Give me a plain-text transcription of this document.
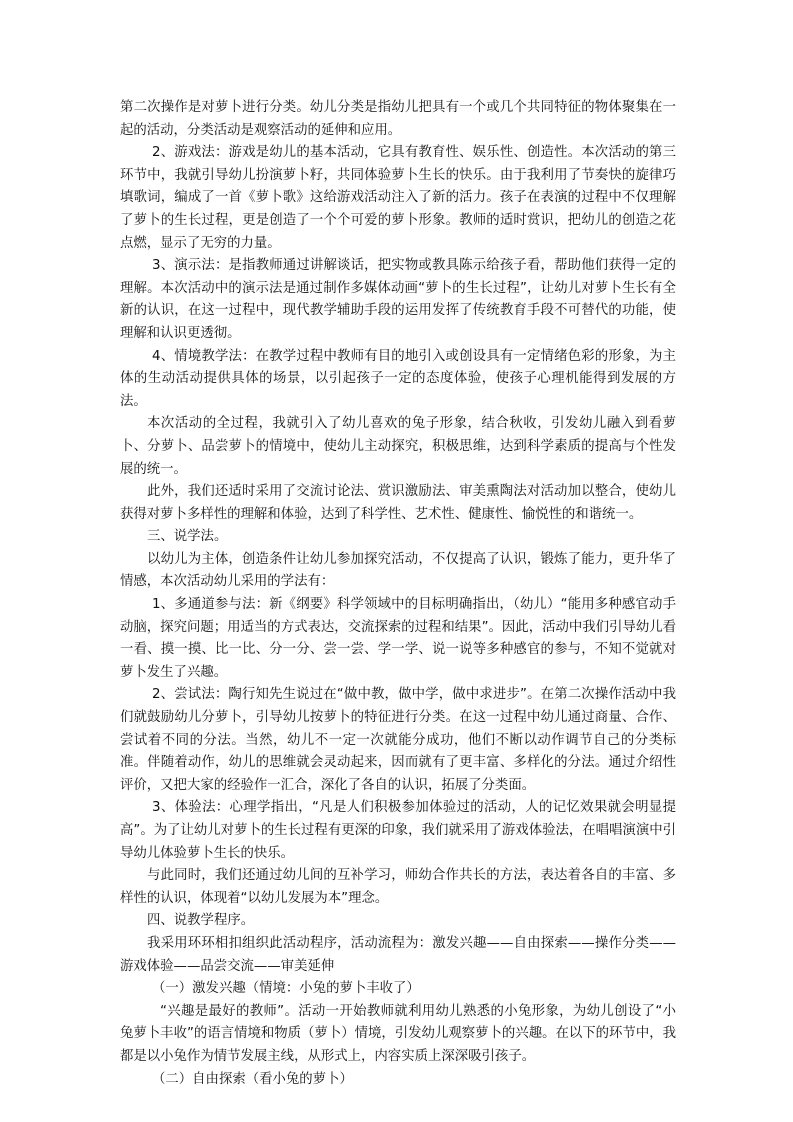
第二次操作是对萝卜进行分类。幼儿分类是指幼儿把具有一个或几个共同特征的物体聚集在一起的活动，分类活动是观察活动的延伸和应用。

2、游戏法：游戏是幼儿的基本活动，它具有教育性、娱乐性、创造性。本次活动的第三环节中，我就引导幼儿扮演萝卜籽，共同体验萝卜生长的快乐。由于我利用了节奏快的旋律巧填歌词，编成了一首《萝卜歌》这给游戏活动注入了新的活力。孩子在表演的过程中不仅理解了萝卜的生长过程，更是创造了一个个可爱的萝卜形象。教师的适时赏识，把幼儿的创造之花点燃，显示了无穷的力量。

3、演示法：是指教师通过讲解谈话，把实物或教具陈示给孩子看，帮助他们获得一定的理解。本次活动中的演示法是通过制作多媒体动画“萝卜的生长过程”，让幼儿对萝卜生长有全新的认识，在这一过程中，现代教学辅助手段的运用发挥了传统教育手段不可替代的功能，使理解和认识更透彻。

4、情境教学法：在教学过程中教师有目的地引入或创设具有一定情绪色彩的形象，为主体的生动活动提供具体的场景，以引起孩子一定的态度体验，使孩子心理机能得到发展的方法。

本次活动的全过程，我就引入了幼儿喜欢的兔子形象，结合秋收，引发幼儿融入到看萝卜、分萝卜、品尝萝卜的情境中，使幼儿主动探究，积极思维，达到科学素质的提高与个性发展的统一。

此外，我们还适时采用了交流讨论法、赏识激励法、审美熏陶法对活动加以整合，使幼儿获得对萝卜多样性的理解和体验，达到了科学性、艺术性、健康性、愉悦性的和谐统一。

三、说学法。

以幼儿为主体，创造条件让幼儿参加探究活动，不仅提高了认识，锻炼了能力，更升华了情感，本次活动幼儿采用的学法有：

1、多通道参与法：新《纲要》科学领域中的目标明确指出，（幼儿）“能用多种感官动手动脑，探究问题；用适当的方式表达，交流探索的过程和结果”。因此，活动中我们引导幼儿看一看、摸一摸、比一比、分一分、尝一尝、学一学、说一说等多种感官的参与，不知不觉就对萝卜发生了兴趣。

2、尝试法：陶行知先生说过在“做中教，做中学，做中求进步”。在第二次操作活动中我们就鼓励幼儿分萝卜，引导幼儿按萝卜的特征进行分类。在这一过程中幼儿通过商量、合作、尝试着不同的分法。当然，幼儿不一定一次就能分成功，他们不断以动作调节自己的分类标准。伴随着动作，幼儿的思维就会灵动起来，因而就有了更丰富、多样化的分法。通过介绍性评价，又把大家的经验作一汇合，深化了各自的认识，拓展了分类面。

3、体验法：心理学指出，“凡是人们积极参加体验过的活动，人的记忆效果就会明显提高”。为了让幼儿对萝卜的生长过程有更深的印象，我们就采用了游戏体验法，在唱唱演演中引导幼儿体验萝卜生长的快乐。

与此同时，我们还通过幼儿间的互补学习，师幼合作共长的方法，表达着各自的丰富、多样性的认识，体现着“以幼儿发展为本”理念。

四、说教学程序。

我采用环环相扣组织此活动程序，活动流程为：激发兴趣——自由探索——操作分类——游戏体验——品尝交流——审美延伸

（一）激发兴趣（情境：小兔的萝卜丰收了）

“兴趣是最好的教师”。活动一开始教师就利用幼儿熟悉的小兔形象，为幼儿创设了“小兔萝卜丰收”的语言情境和物质（萝卜）情境，引发幼儿观察萝卜的兴趣。在以下的环节中，我都是以小兔作为情节发展主线，从形式上，内容实质上深深吸引孩子。

（二）自由探索（看小兔的萝卜）
